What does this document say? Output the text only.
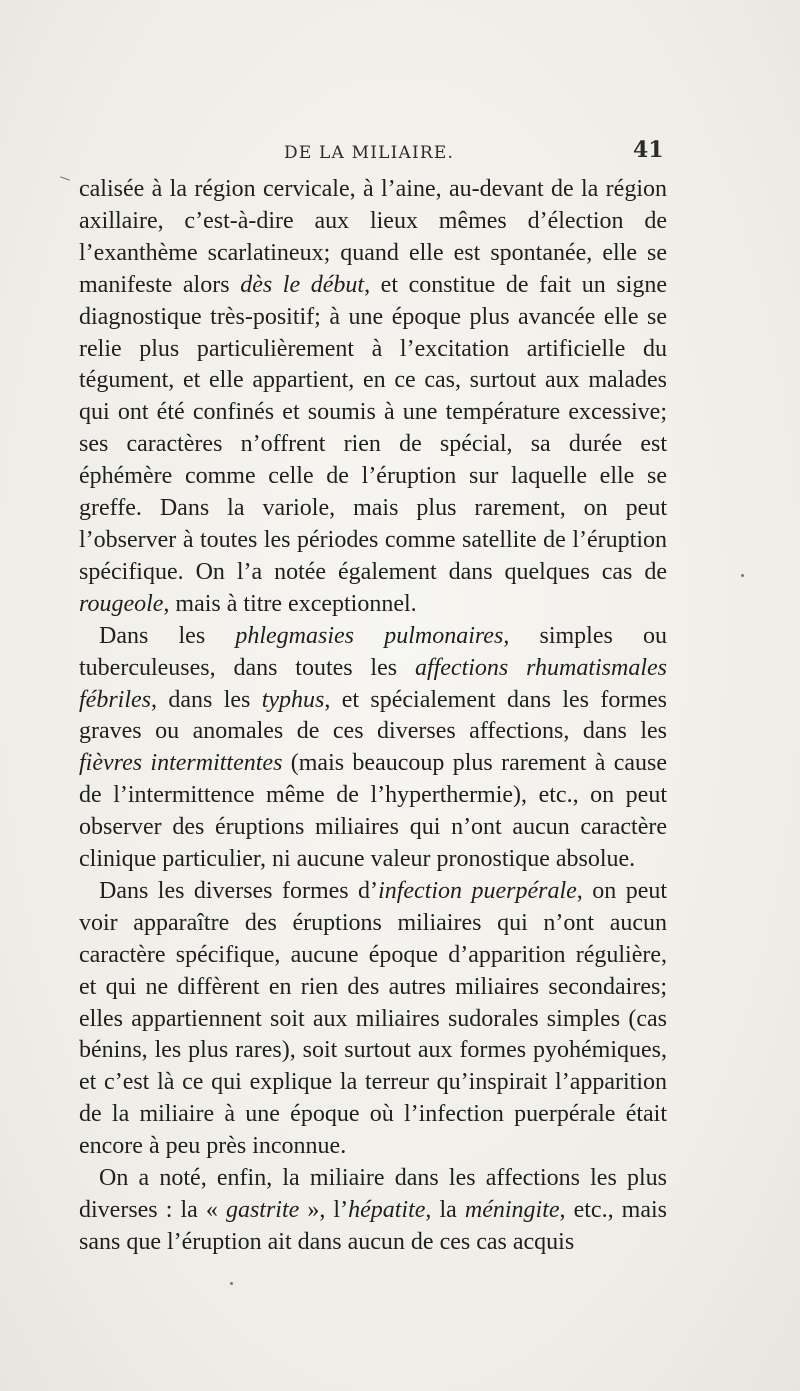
DE LA MILIAIRE.	41

calisée à la région cervicale, à l’aine, au-devant de la région axillaire, c’est-à-dire aux lieux mêmes d’élection de l’exanthème scarlatineux; quand elle est spontanée, elle se manifeste alors dès le début, et constitue de fait un signe diagnostique très-positif; à une époque plus avancée elle se relie plus particulièrement à l’excitation artificielle du tégument, et elle appartient, en ce cas, surtout aux malades qui ont été confinés et soumis à une température excessive; ses caractères n’offrent rien de spécial, sa durée est éphémère comme celle de l’éruption sur laquelle elle se greffe. Dans la variole, mais plus rarement, on peut l’observer à toutes les périodes comme satellite de l’éruption spécifique. On l’a notée également dans quelques cas de rougeole, mais à titre exceptionnel.

Dans les phlegmasies pulmonaires, simples ou tuberculeuses, dans toutes les affections rhumatismales fébriles, dans les typhus, et spécialement dans les formes graves ou anomales de ces diverses affections, dans les fièvres intermittentes (mais beaucoup plus rarement à cause de l’intermittence même de l’hyperthermie), etc., on peut observer des éruptions miliaires qui n’ont aucun caractère clinique particulier, ni aucune valeur pronostique absolue.

Dans les diverses formes d’infection puerpérale, on peut voir apparaître des éruptions miliaires qui n’ont aucun caractère spécifique, aucune époque d’apparition régulière, et qui ne diffèrent en rien des autres miliaires secondaires; elles appartiennent soit aux miliaires sudorales simples (cas bénins, les plus rares), soit surtout aux formes pyohémiques, et c’est là ce qui explique la terreur qu’inspirait l’apparition de la miliaire à une époque où l’infection puerpérale était encore à peu près inconnue.

On a noté, enfin, la miliaire dans les affections les plus diverses : la « gastrite », l’hépatite, la méningite, etc., mais sans que l’éruption ait dans aucun de ces cas acquis
